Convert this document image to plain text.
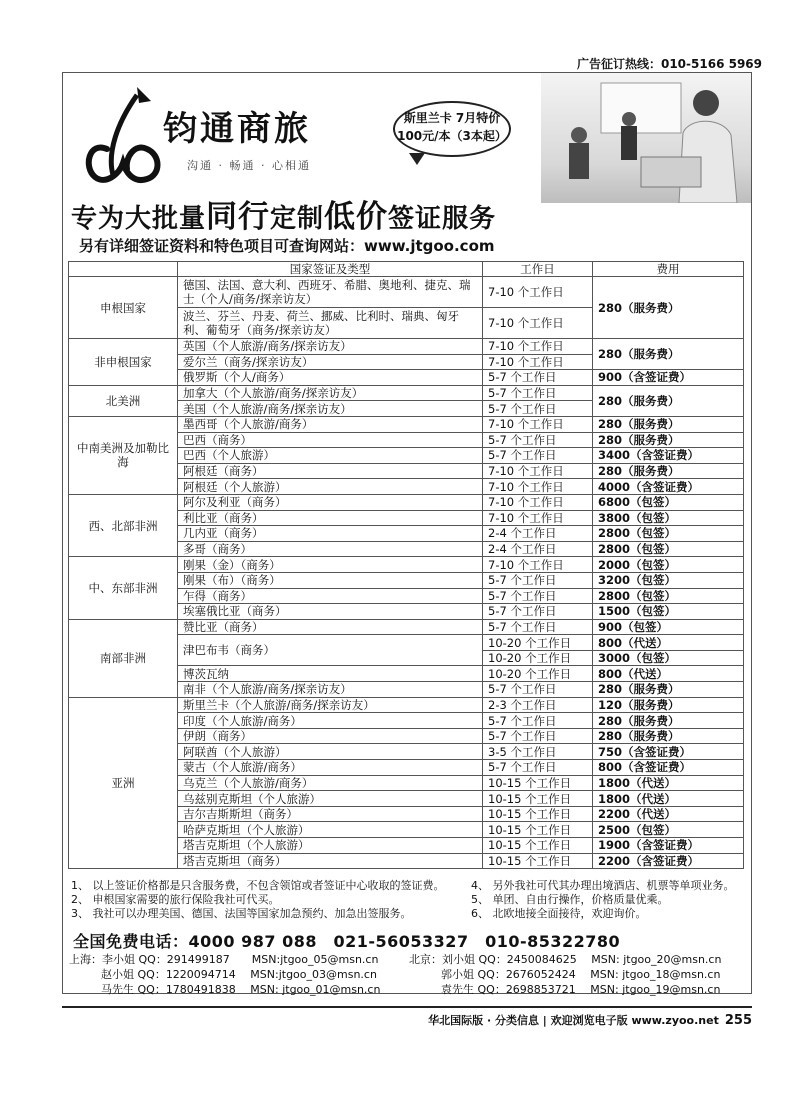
广告征订热线：010-5166 5969
钧通商旅
沟通 · 畅通 · 心相通
斯里兰卡 7月特价
100元/本（3本起）
专为大批量同行定制低价签证服务
另有详细签证资料和特色项目可查询网站：www.jtgoo.com
	国家签证及类型	工作日	费用
申根国家	德国、法国、意大利、西班牙、希腊、奥地利、捷克、瑞士（个人/商务/探亲访友）	7-10 个工作日	280（服务费）
	波兰、芬兰、丹麦、荷兰、挪威、比利时、瑞典、匈牙利、葡萄牙（商务/探亲访友）	7-10 个工作日	
非申根国家	英国（个人旅游/商务/探亲访友）	7-10 个工作日	280（服务费）
	爱尔兰（商务/探亲访友）	7-10 个工作日	
	俄罗斯（个人/商务）	5-7 个工作日	900（含签证费）
北美洲	加拿大（个人旅游/商务/探亲访友）	5-7 个工作日	280（服务费）
	美国（个人旅游/商务/探亲访友）	5-7 个工作日	
中南美洲及加勒比海	墨西哥（个人旅游/商务）	7-10 个工作日	280（服务费）
	巴西（商务）	5-7 个工作日	280（服务费）
	巴西（个人旅游）	5-7 个工作日	3400（含签证费）
	阿根廷（商务）	7-10 个工作日	280（服务费）
	阿根廷（个人旅游）	7-10 个工作日	4000（含签证费）
西、北部非洲	阿尔及利亚（商务）	7-10 个工作日	6800（包签）
	利比亚（商务）	7-10 个工作日	3800（包签）
	几内亚（商务）	2-4 个工作日	2800（包签）
	多哥（商务）	2-4 个工作日	2800（包签）
中、东部非洲	刚果（金）（商务）	7-10 个工作日	2000（包签）
	刚果（布）（商务）	5-7 个工作日	3200（包签）
	乍得（商务）	5-7 个工作日	2800（包签）
	埃塞俄比亚（商务）	5-7 个工作日	1500（包签）
南部非洲	赞比亚（商务）	5-7 个工作日	900（包签）
	津巴布韦（商务）	10-20 个工作日	800（代送）
		10-20 个工作日	3000（包签）
	博茨瓦纳	10-20 个工作日	800（代送）
	南非（个人旅游/商务/探亲访友）	5-7 个工作日	280（服务费）
亚洲	斯里兰卡（个人旅游/商务/探亲访友）	2-3 个工作日	120（服务费）
	印度（个人旅游/商务）	5-7 个工作日	280（服务费）
	伊朗（商务）	5-7 个工作日	280（服务费）
	阿联酋（个人旅游）	3-5 个工作日	750（含签证费）
	蒙古（个人旅游/商务）	5-7 个工作日	800（含签证费）
	乌克兰（个人旅游/商务）	10-15 个工作日	1800（代送）
	乌兹别克斯坦（个人旅游）	10-15 个工作日	1800（代送）
	吉尔吉斯斯坦（商务）	10-15 个工作日	2200（代送）
	哈萨克斯坦（个人旅游）	10-15 个工作日	2500（包签）
	塔吉克斯坦（个人旅游）	10-15 个工作日	1900（含签证费）
	塔吉克斯坦（商务）	10-15 个工作日	2200（含签证费）
1、 以上签证价格都是只含服务费，不包含领馆或者签证中心收取的签证费。
2、 申根国家需要的旅行保险我社可代买。
3、 我社可以办理美国、德国、法国等国家加急预约、加急出签服务。
4、 另外我社可代其办理出境酒店、机票等单项业务。
5、 单团、自由行操作，价格质量优乘。
6、 北欧地接全面接待，欢迎询价。
全国免费电话：4000 987 088　021-56053327　010-85322780
上海：李小姐 QQ：291499187　　MSN:jtgoo_05@msn.cn
赵小姐 QQ：1220094714　 MSN:jtgoo_03@msn.cn
马先生 QQ：1780491838　 MSN: jtgoo_01@msn.cn
北京：刘小姐 QQ：2450084625　 MSN: jtgoo_20@msn.cn
郭小姐 QQ：2676052424　 MSN: jtgoo_18@msn.cn
袁先生 QQ：2698853721　 MSN: jtgoo_19@msn.cn
华北国际版 · 分类信息 | 欢迎浏览电子版 www.zyoo.net 255
